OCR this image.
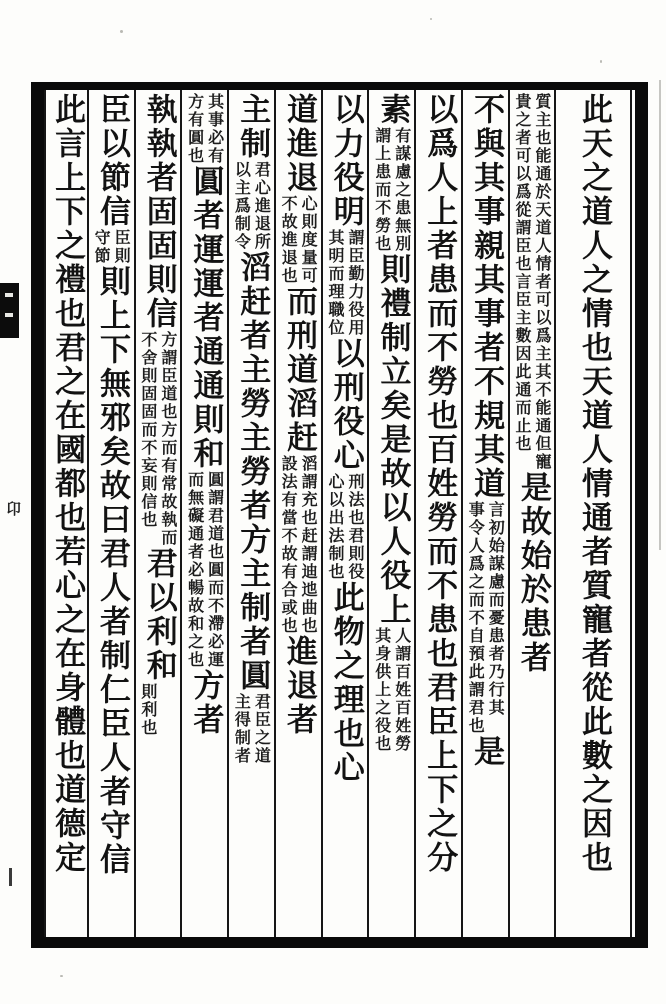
卬	此天之道人之情也天道人情通者質寵者從此數之因也
質主也能通於天道人情者可以爲主其不能通但寵
貴之者可以爲從謂臣也言臣主數因此通而止也
是故始於患者
不與其事親其事者不規其道
言初始謀慮而憂患者乃行其
事令人爲之而不自預此謂君也
是
以爲人上者患而不勞也百姓勞而不患也君臣上下之分
素
有謀慮之患無別
謂上患而不勞也
則禮制立矣是故以人役上
人謂百姓百姓勞
其身供上之役也
以力役明
謂臣勤力役用
其明而理職位
以刑役心
刑法也君則役
心以出法制也
此物之理也心
道進退
心則度量可
不故進退也
而刑道滔赶
滔謂充也赶謂迪迆曲也
設法有當不故有合或也
進退者
主制
君心進退所
以主爲制令
滔赶者主勞主勞者方主制者圓
君臣之道
主得制者
其事必有
方有圓也
圓者運運者通通則和
圓謂君道也圓而不滯必運
而無礙通者必暢故和之也
方者
執執者固固則信
方謂臣道也方而有常故執而
不舍則固固而不妄則信也
君以利和
則利也
臣以節信
臣則
守節
則上下無邪矣故曰君人者制仁臣人者守信
此言上下之禮也君之在國都也若心之在身體也道德定
